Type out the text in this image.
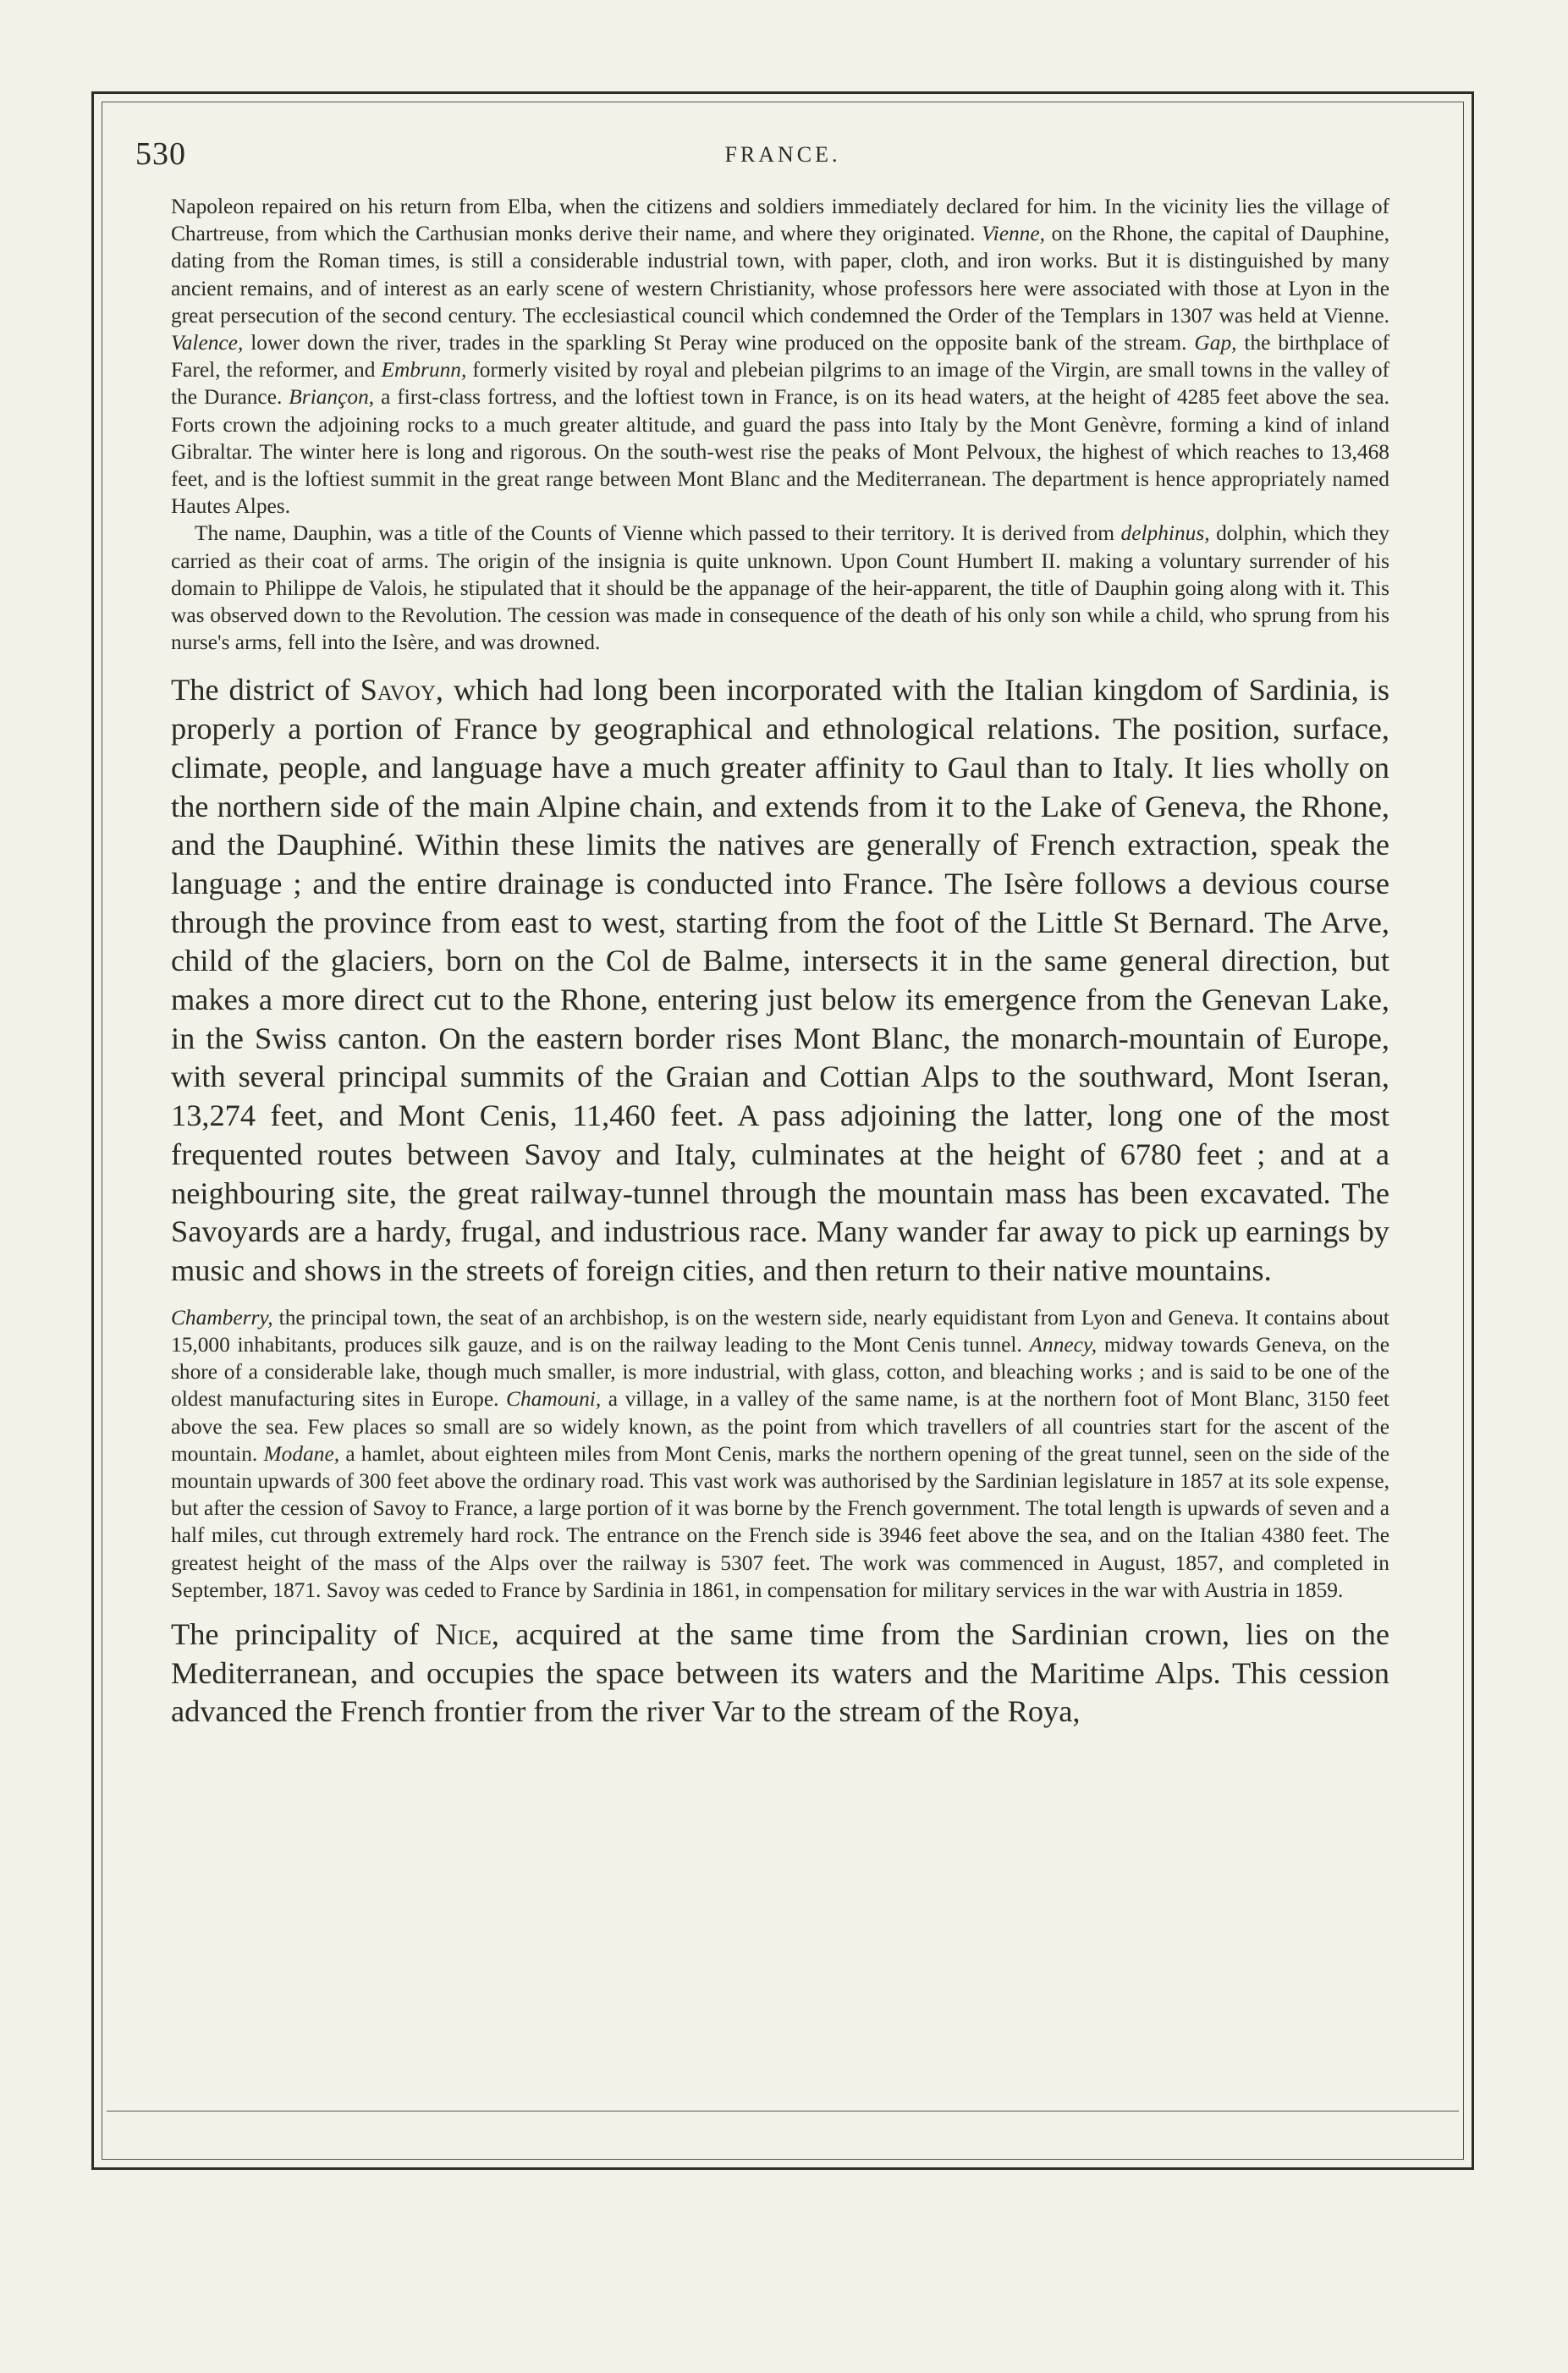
530	FRANCE.

Napoleon repaired on his return from Elba, when the citizens and soldiers immediately declared for him. In the vicinity lies the village of Chartreuse, from which the Carthusian monks derive their name, and where they originated. Vienne, on the Rhone, the capital of Dauphine, dating from the Roman times, is still a considerable industrial town, with paper, cloth, and iron works. But it is distinguished by many ancient remains, and of interest as an early scene of western Christianity, whose professors here were associated with those at Lyon in the great persecution of the second century. The ecclesiastical council which condemned the Order of the Templars in 1307 was held at Vienne. Valence, lower down the river, trades in the sparkling St Peray wine produced on the opposite bank of the stream. Gap, the birthplace of Farel, the reformer, and Embrunn, formerly visited by royal and plebeian pilgrims to an image of the Virgin, are small towns in the valley of the Durance. Briançon, a first-class fortress, and the loftiest town in France, is on its head waters, at the height of 4285 feet above the sea. Forts crown the adjoining rocks to a much greater altitude, and guard the pass into Italy by the Mont Genèvre, forming a kind of inland Gibraltar. The winter here is long and rigorous. On the south-west rise the peaks of Mont Pelvoux, the highest of which reaches to 13,468 feet, and is the loftiest summit in the great range between Mont Blanc and the Mediterranean. The department is hence appropriately named Hautes Alpes.

The name, Dauphin, was a title of the Counts of Vienne which passed to their territory. It is derived from delphinus, dolphin, which they carried as their coat of arms. The origin of the insignia is quite unknown. Upon Count Humbert II. making a voluntary surrender of his domain to Philippe de Valois, he stipulated that it should be the appanage of the heir-apparent, the title of Dauphin going along with it. This was observed down to the Revolution. The cession was made in consequence of the death of his only son while a child, who sprung from his nurse's arms, fell into the Isère, and was drowned.

The district of Savoy, which had long been incorporated with the Italian kingdom of Sardinia, is properly a portion of France by geographical and ethnological relations. The position, surface, climate, people, and language have a much greater affinity to Gaul than to Italy. It lies wholly on the northern side of the main Alpine chain, and extends from it to the Lake of Geneva, the Rhone, and the Dauphiné. Within these limits the natives are generally of French extraction, speak the language ; and the entire drainage is conducted into France. The Isère follows a devious course through the province from east to west, starting from the foot of the Little St Bernard. The Arve, child of the glaciers, born on the Col de Balme, intersects it in the same general direction, but makes a more direct cut to the Rhone, entering just below its emergence from the Genevan Lake, in the Swiss canton. On the eastern border rises Mont Blanc, the monarch-mountain of Europe, with several principal summits of the Graian and Cottian Alps to the southward, Mont Iseran, 13,274 feet, and Mont Cenis, 11,460 feet. A pass adjoining the latter, long one of the most frequented routes between Savoy and Italy, culminates at the height of 6780 feet ; and at a neighbouring site, the great railway-tunnel through the mountain mass has been excavated. The Savoyards are a hardy, frugal, and industrious race. Many wander far away to pick up earnings by music and shows in the streets of foreign cities, and then return to their native mountains.

Chamberry, the principal town, the seat of an archbishop, is on the western side, nearly equidistant from Lyon and Geneva. It contains about 15,000 inhabitants, produces silk gauze, and is on the railway leading to the Mont Cenis tunnel. Annecy, midway towards Geneva, on the shore of a considerable lake, though much smaller, is more industrial, with glass, cotton, and bleaching works ; and is said to be one of the oldest manufacturing sites in Europe. Chamouni, a village, in a valley of the same name, is at the northern foot of Mont Blanc, 3150 feet above the sea. Few places so small are so widely known, as the point from which travellers of all countries start for the ascent of the mountain. Modane, a hamlet, about eighteen miles from Mont Cenis, marks the northern opening of the great tunnel, seen on the side of the mountain upwards of 300 feet above the ordinary road. This vast work was authorised by the Sardinian legislature in 1857 at its sole expense, but after the cession of Savoy to France, a large portion of it was borne by the French government. The total length is upwards of seven and a half miles, cut through extremely hard rock. The entrance on the French side is 3946 feet above the sea, and on the Italian 4380 feet. The greatest height of the mass of the Alps over the railway is 5307 feet. The work was commenced in August, 1857, and completed in September, 1871. Savoy was ceded to France by Sardinia in 1861, in compensation for military services in the war with Austria in 1859.

The principality of Nice, acquired at the same time from the Sardinian crown, lies on the Mediterranean, and occupies the space between its waters and the Maritime Alps. This cession advanced the French frontier from the river Var to the stream of the Roya,
